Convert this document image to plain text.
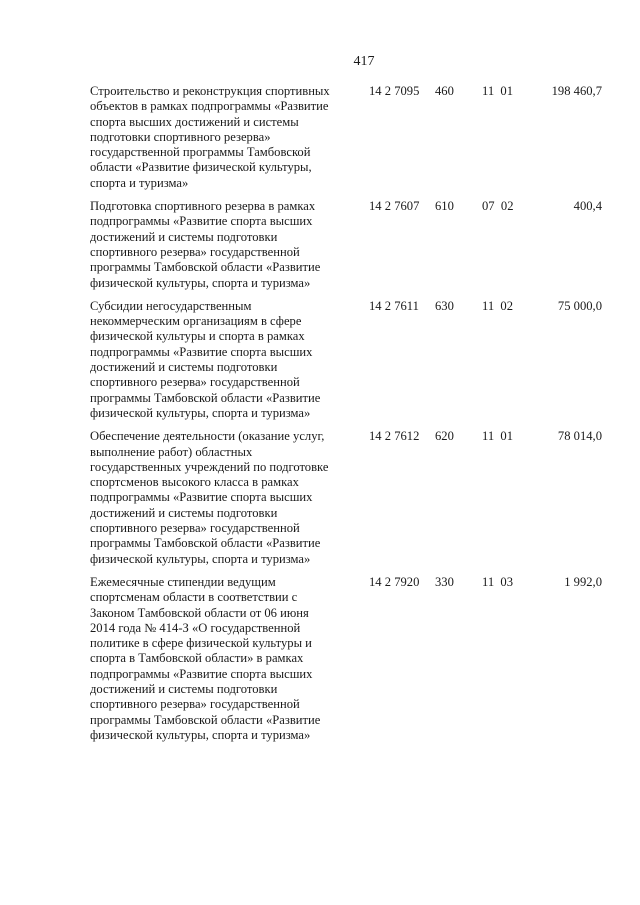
417
Строительство и реконструкция спортивных
объектов в рамках подпрограммы «Развитие
спорта высших достижений и системы
подготовки спортивного резерва»
государственной программы Тамбовской
области «Развитие физической культуры,
спорта и туризма»
14 2 7095	460	11  01	198 460,7
Подготовка спортивного резерва в рамках
подпрограммы «Развитие спорта высших
достижений и системы подготовки
спортивного резерва» государственной
программы Тамбовской области «Развитие
физической культуры, спорта и туризма»
14 2 7607	610	07  02	400,4
Субсидии негосударственным
некоммерческим организациям в сфере
физической культуры и спорта в рамках
подпрограммы «Развитие спорта высших
достижений и системы подготовки
спортивного резерва» государственной
программы Тамбовской области «Развитие
физической культуры, спорта и туризма»
14 2 7611	630	11  02	75 000,0
Обеспечение деятельности (оказание услуг,
выполнение работ) областных
государственных учреждений по подготовке
спортсменов высокого класса в рамках
подпрограммы «Развитие спорта высших
достижений и системы подготовки
спортивного резерва» государственной
программы Тамбовской области «Развитие
физической культуры, спорта и туризма»
14 2 7612	620	11  01	78 014,0
Ежемесячные стипендии ведущим
спортсменам области в соответствии с
Законом Тамбовской области от 06 июня
2014 года № 414-З «О государственной
политике в сфере физической культуры и
спорта в Тамбовской области» в рамках
подпрограммы «Развитие спорта высших
достижений и системы подготовки
спортивного резерва» государственной
программы Тамбовской области «Развитие
физической культуры, спорта и туризма»
14 2 7920	330	11  03	1 992,0
